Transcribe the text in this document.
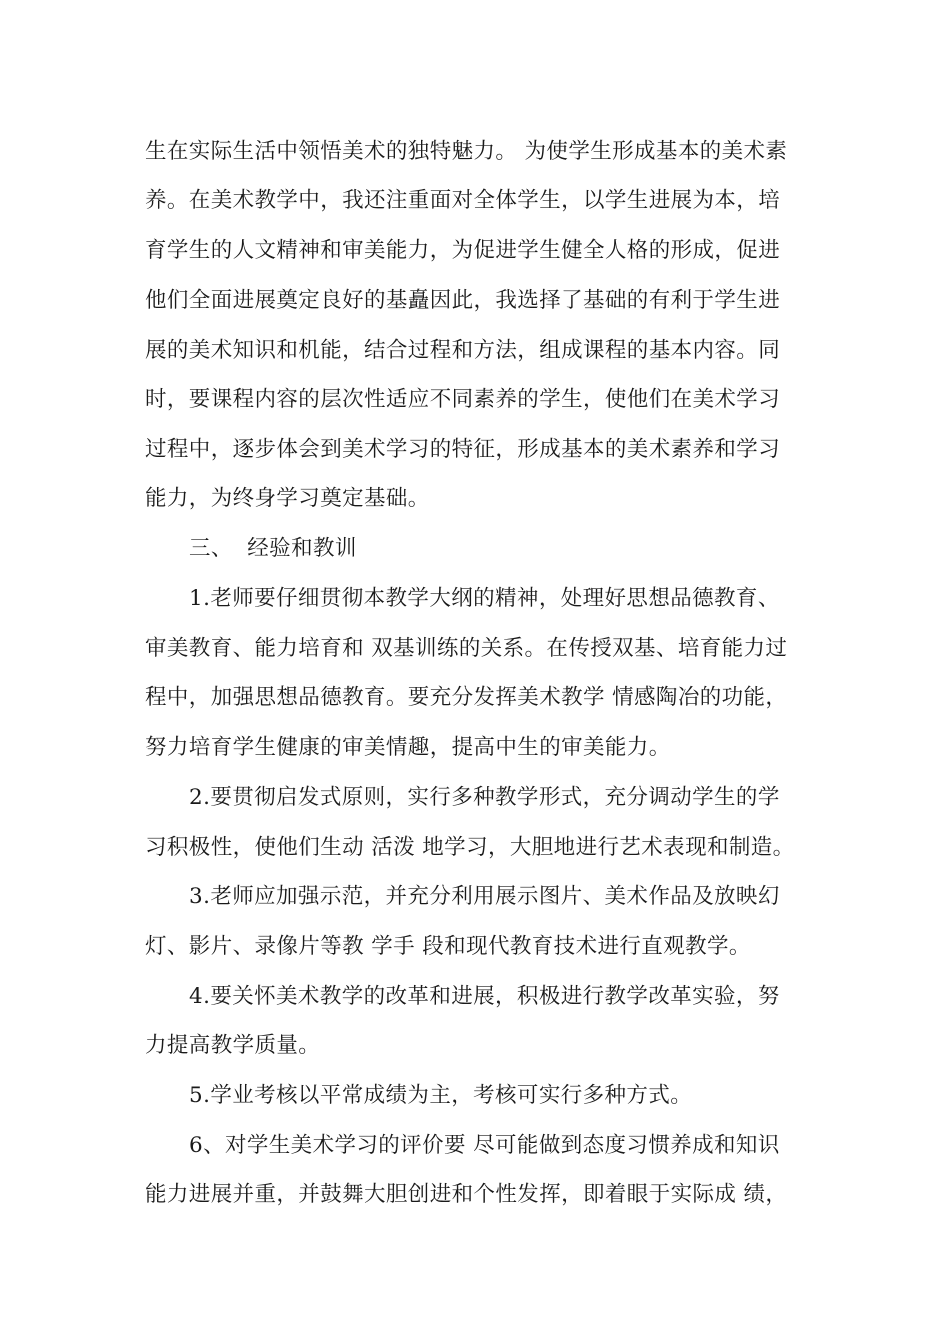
生在实际生活中领悟美术的独特魅力。 为使学生形成基本的美术素
养。在美术教学中，我还注重面对全体学生，以学生进展为本，培
育学生的人文精神和审美能力，为促进学生健全人格的形成，促进
他们全面进展奠定良好的基矗因此，我选择了基础的有利于学生进
展的美术知识和机能，结合过程和方法，组成课程的基本内容。同
时，要课程内容的层次性适应不同素养的学生，使他们在美术学习
过程中，逐步体会到美术学习的特征，形成基本的美术素养和学习
能力，为终身学习奠定基础。
三、  经验和教训
1.老师要仔细贯彻本教学大纲的精神，处理好思想品德教育、
审美教育、能力培育和 双基训练的关系。在传授双基、培育能力过
程中，加强思想品德教育。要充分发挥美术教学 情感陶冶的功能，
努力培育学生健康的审美情趣，提高中生的审美能力。
2.要贯彻启发式原则，实行多种教学形式，充分调动学生的学
习积极性，使他们生动 活泼 地学习，大胆地进行艺术表现和制造。
3.老师应加强示范，并充分利用展示图片、美术作品及放映幻
灯、影片、录像片等教 学手 段和现代教育技术进行直观教学。
4.要关怀美术教学的改革和进展，积极进行教学改革实验，努
力提高教学质量。
5.学业考核以平常成绩为主，考核可实行多种方式。
6、对学生美术学习的评价要 尽可能做到态度习惯养成和知识
能力进展并重，并鼓舞大胆创进和个性发挥，即着眼于实际成 绩，
